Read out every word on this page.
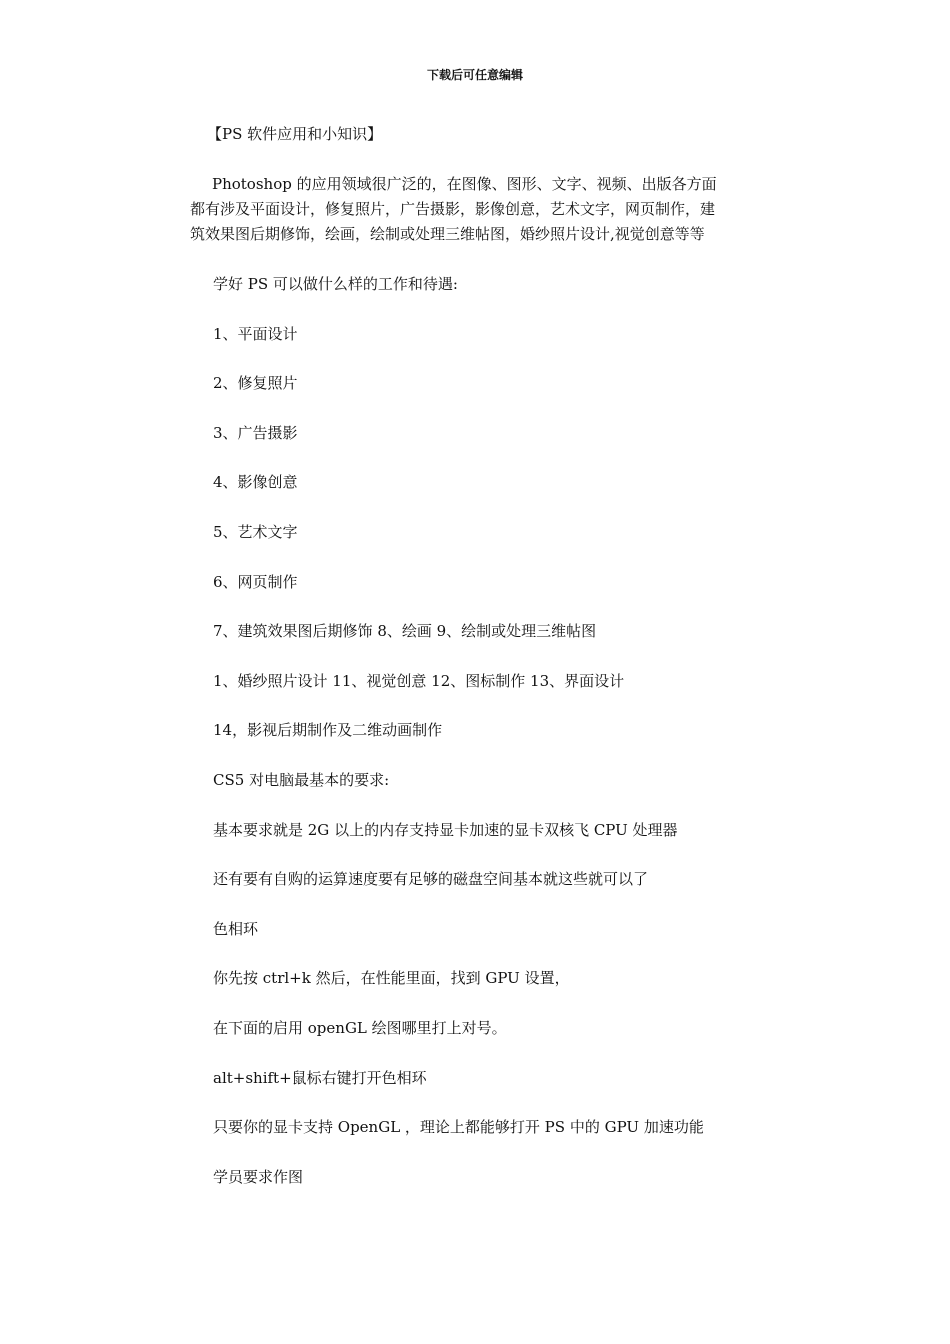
下载后可任意编辑
【PS 软件应用和小知识】
Photoshop 的应用领域很广泛的，在图像、图形、文字、视频、出版各方面
都有涉及平面设计，修复照片，广告摄影，影像创意，艺术文字，网页制作，建
筑效果图后期修饰，绘画，绘制或处理三维帖图，婚纱照片设计,视觉创意等等
学好 PS 可以做什么样的工作和待遇:
1、平面设计
2、修复照片
3、广告摄影
4、影像创意
5、艺术文字
6、网页制作
7、建筑效果图后期修饰 8、绘画 9、绘制或处理三维帖图
1、婚纱照片设计 11、视觉创意 12、图标制作 13、界面设计
14，影视后期制作及二维动画制作
CS5 对电脑最基本的要求:
基本要求就是 2G 以上的内存支持显卡加速的显卡双核飞 CPU 处理器
还有要有自购的运算速度要有足够的磁盘空间基本就这些就可以了
色相环
你先按 ctrl+k 然后，在性能里面，找到 GPU 设置，
在下面的启用 openGL 绘图哪里打上对号。
alt+shift+鼠标右键打开色相环
只要你的显卡支持 OpenGL ，理论上都能够打开 PS 中的 GPU 加速功能
学员要求作图
